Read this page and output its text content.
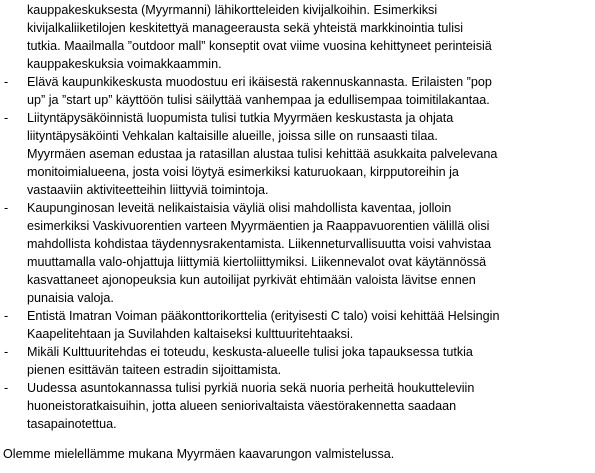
kauppakeskuksesta (Myyrmanni) lähikortteleiden kivijalkoihin. Esimerkiksi
kivijalkaliiketilojen keskitettyä manageerausta sekä yhteistä markkinointia tulisi
tutkia. Maailmalla ”outdoor mall” konseptit ovat viime vuosina kehittyneet perinteisiä
kauppakeskuksia voimakkaammin.
- Elävä kaupunkikeskusta muodostuu eri ikäisestä rakennuskannasta. Erilaisten ”pop
up” ja ”start up” käyttöön tulisi säilyttää vanhempaa ja edullisempaa toimitilakantaa.
- Liityntäpysäköinnistä luopumista tulisi tutkia Myyrmäen keskustasta ja ohjata
liityntäpysäköinti Vehkalan kaltaisille alueille, joissa sille on runsaasti tilaa.
Myyrmäen aseman edustaa ja ratasillan alustaa tulisi kehittää asukkaita palvelevana
monitoimialueena, josta voisi löytyä esimerkiksi katuruokaan, kirpputoreihin ja
vastaaviin aktiviteetteihin liittyviä toimintoja.
- Kaupunginosan leveitä nelikaistaisia väyliä olisi mahdollista kaventaa, jolloin
esimerkiksi Vaskivuorentien varteen Myyrmäentien ja Raappavuorentien välillä olisi
mahdollista kohdistaa täydennysrakentamista. Liikenneturvallisuutta voisi vahvistaa
muuttamalla valo-ohjattuja liittymiä kiertoliittymiksi. Liikennevalot ovat käytännössä
kasvattaneet ajonopeuksia kun autoilijat pyrkivät ehtimään valoista lävitse ennen
punaisia valoja.
- Entistä Imatran Voiman pääkonttorikorttelia (erityisesti C talo) voisi kehittää Helsingin
Kaapelitehtaan ja Suvilahden kaltaiseksi kulttuuritehtaaksi.
- Mikäli Kulttuuritehdas ei toteudu, keskusta-alueelle tulisi joka tapauksessa tutkia
pienen esittävän taiteen estradin sijoittamista.
- Uudessa asuntokannassa tulisi pyrkiä nuoria sekä nuoria perheitä houkutteleviin
huoneistoratkaisuihin, jotta alueen seniorivaltaista väestörakennetta saadaan
tasapainotettua.
Olemme mielellämme mukana Myyrmäen kaavarungon valmistelussa.
